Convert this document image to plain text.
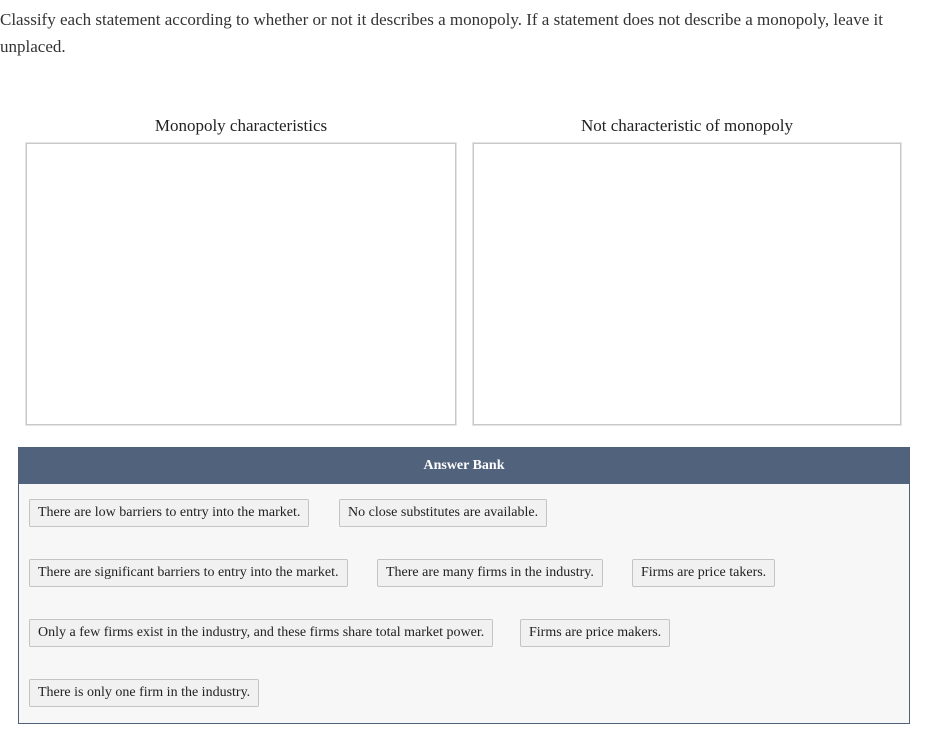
Classify each statement according to whether or not it describes a monopoly. If a statement does not describe a monopoly, leave it unplaced.

Monopoly characteristics	Not characteristic of monopoly
Answer Bank
There are low barriers to entry into the market.	No close substitutes are available.
There are significant barriers to entry into the market.	There are many firms in the industry.	Firms are price takers.
Only a few firms exist in the industry, and these firms share total market power.	Firms are price makers.
There is only one firm in the industry.
